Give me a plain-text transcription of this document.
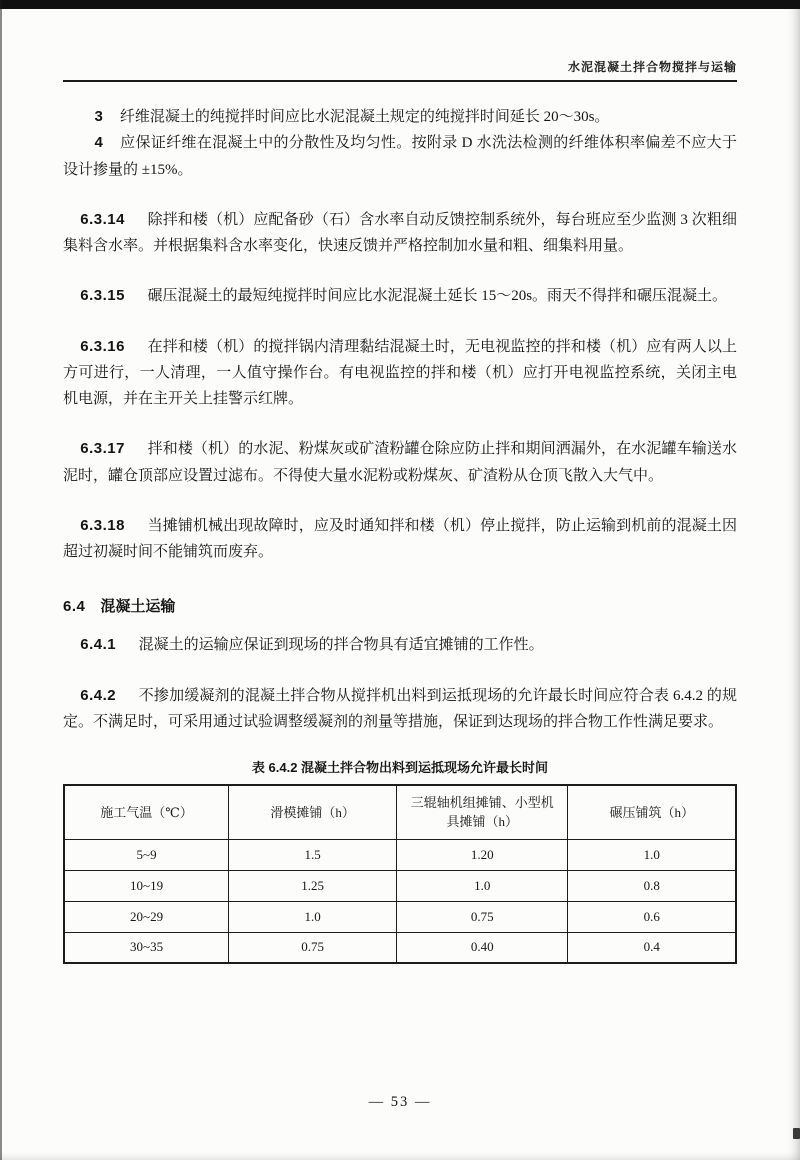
水泥混凝土拌合物搅拌与运输

3 纤维混凝土的纯搅拌时间应比水泥混凝土规定的纯搅拌时间延长 20～30s。

4 应保证纤维在混凝土中的分散性及均匀性。按附录 D 水洗法检测的纤维体积率偏差不应大于设计掺量的 ±15%。

6.3.14 除拌和楼（机）应配备砂（石）含水率自动反馈控制系统外，每台班应至少监测 3 次粗细集料含水率。并根据集料含水率变化，快速反馈并严格控制加水量和粗、细集料用量。

6.3.15 碾压混凝土的最短纯搅拌时间应比水泥混凝土延长 15～20s。雨天不得拌和碾压混凝土。

6.3.16 在拌和楼（机）的搅拌锅内清理黏结混凝土时，无电视监控的拌和楼（机）应有两人以上方可进行，一人清理，一人值守操作台。有电视监控的拌和楼（机）应打开电视监控系统，关闭主电机电源，并在主开关上挂警示红牌。

6.3.17 拌和楼（机）的水泥、粉煤灰或矿渣粉罐仓除应防止拌和期间洒漏外，在水泥罐车输送水泥时，罐仓顶部应设置过滤布。不得使大量水泥粉或粉煤灰、矿渣粉从仓顶飞散入大气中。

6.3.18 当摊铺机械出现故障时，应及时通知拌和楼（机）停止搅拌，防止运输到机前的混凝土因超过初凝时间不能铺筑而废弃。

6.4 混凝土运输

6.4.1 混凝土的运输应保证到现场的拌合物具有适宜摊铺的工作性。

6.4.2 不掺加缓凝剂的混凝土拌合物从搅拌机出料到运抵现场的允许最长时间应符合表 6.4.2 的规定。不满足时，可采用通过试验调整缓凝剂的剂量等措施，保证到达现场的拌合物工作性满足要求。

表 6.4.2 混凝土拌合物出料到运抵现场允许最长时间
施工气温（℃）	滑模摊铺（h）	三辊轴机组摊铺、小型机具摊铺（h）	碾压铺筑（h）
5~9	1.5	1.20	1.0
10~19	1.25	1.0	0.8
20~29	1.0	0.75	0.6
30~35	0.75	0.40	0.4
— 53 —
